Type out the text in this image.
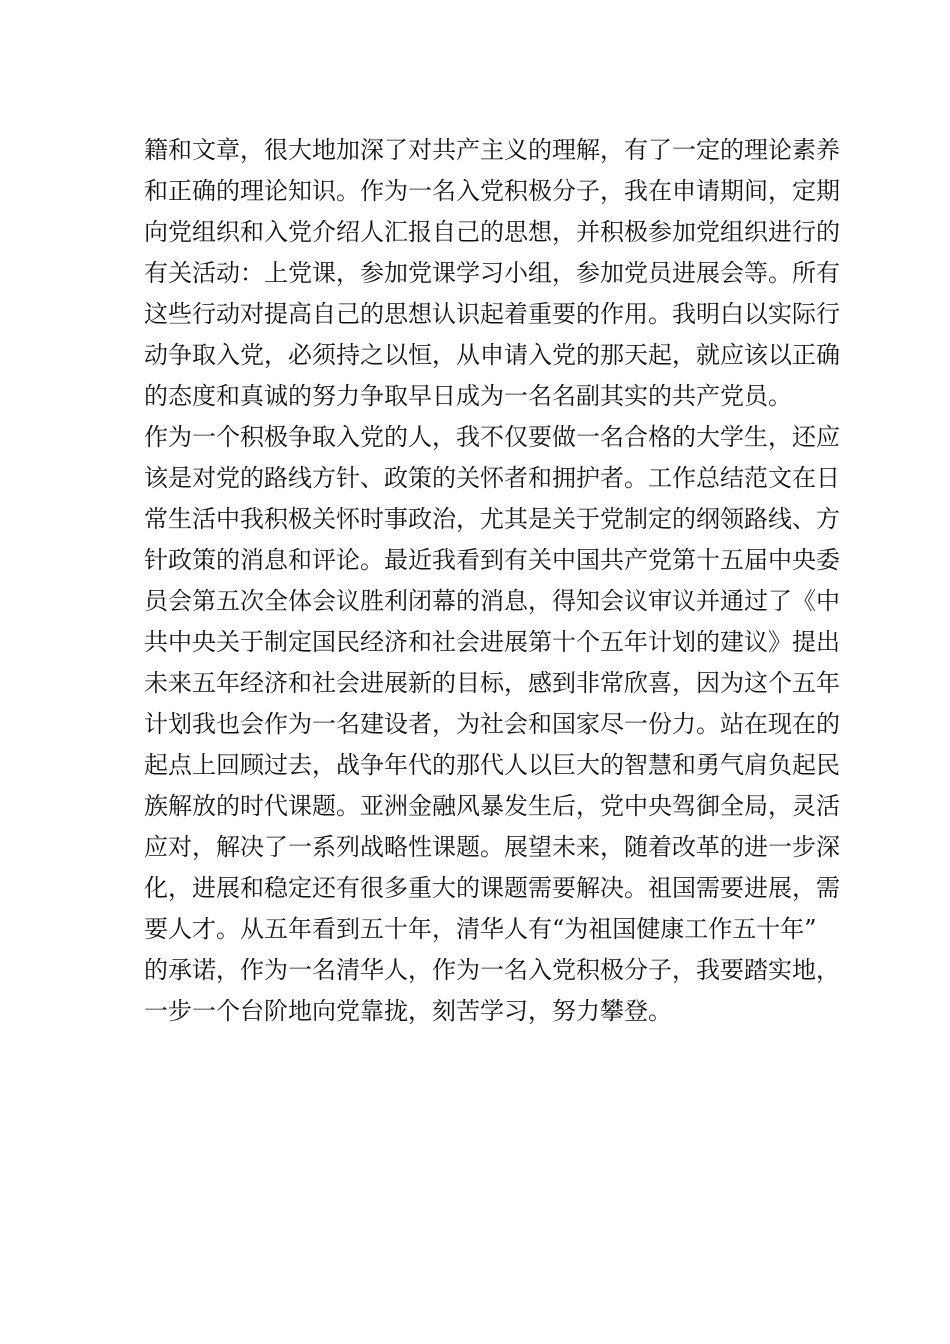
籍和文章，很大地加深了对共产主义的理解，有了一定的理论素养
和正确的理论知识。作为一名入党积极分子，我在申请期间，定期
向党组织和入党介绍人汇报自己的思想，并积极参加党组织进行的
有关活动：上党课，参加党课学习小组，参加党员进展会等。所有
这些行动对提高自己的思想认识起着重要的作用。我明白以实际行
动争取入党，必须持之以恒，从申请入党的那天起，就应该以正确
的态度和真诚的努力争取早日成为一名名副其实的共产党员。
作为一个积极争取入党的人，我不仅要做一名合格的大学生，还应
该是对党的路线方针、政策的关怀者和拥护者。工作总结范文在日
常生活中我积极关怀时事政治，尤其是关于党制定的纲领路线、方
针政策的消息和评论。最近我看到有关中国共产党第十五届中央委
员会第五次全体会议胜利闭幕的消息，得知会议审议并通过了《中
共中央关于制定国民经济和社会进展第十个五年计划的建议》提出
未来五年经济和社会进展新的目标，感到非常欣喜，因为这个五年
计划我也会作为一名建设者，为社会和国家尽一份力。站在现在的
起点上回顾过去，战争年代的那代人以巨大的智慧和勇气肩负起民
族解放的时代课题。亚洲金融风暴发生后，党中央驾御全局，灵活
应对，解决了一系列战略性课题。展望未来，随着改革的进一步深
化，进展和稳定还有很多重大的课题需要解决。祖国需要进展，需
要人才。从五年看到五十年，清华人有“为祖国健康工作五十年”
的承诺，作为一名清华人，作为一名入党积极分子，我要踏实地，
一步一个台阶地向党靠拢，刻苦学习，努力攀登。
